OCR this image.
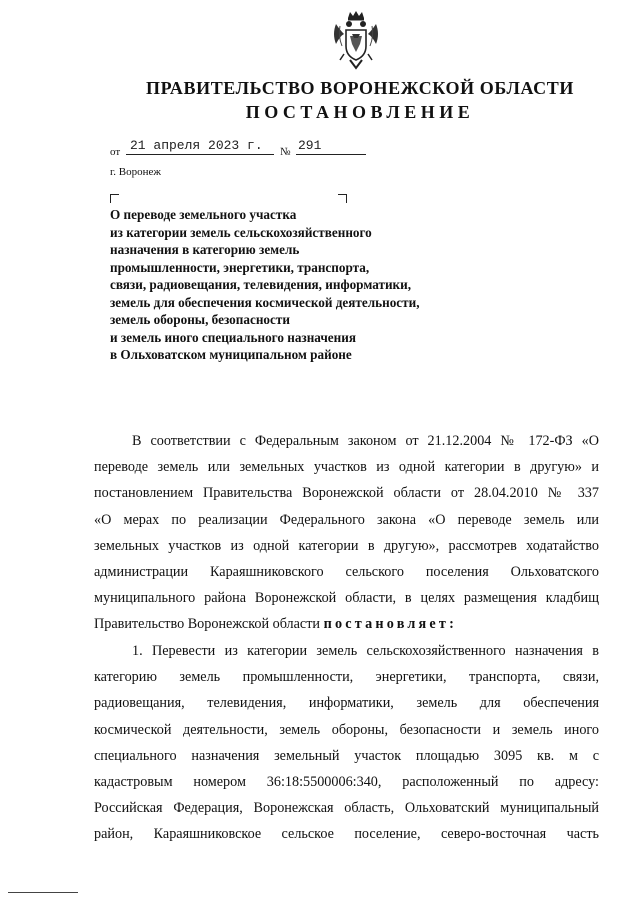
ПРАВИТЕЛЬСТВО ВОРОНЕЖСКОЙ ОБЛАСТИ
ПОСТАНОВЛЕНИЕ
от 21 апреля 2023 г. № 291
г. Воронеж
О переводе земельного участка
из категории земель сельскохозяйственного
назначения в категорию земель
промышленности, энергетики, транспорта,
связи, радиовещания, телевидения, информатики,
земель для обеспечения космической деятельности,
земель обороны, безопасности
и земель иного специального назначения
в Ольховатском муниципальном районе
В соответствии с Федеральным законом от 21.12.2004 № 172-ФЗ «О
переводе земель или земельных участков из одной категории в другую» и
постановлением Правительства Воронежской области от 28.04.2010 № 337
«О мерах по реализации Федерального закона «О переводе земель или
земельных участков из одной категории в другую», рассмотрев ходатайство
администрации Караяшниковского сельского поселения Ольховатского
муниципального района Воронежской области, в целях размещения кладбищ
Правительство Воронежской области постановляет:
1. Перевести из категории земель сельскохозяйственного назначения в
категорию земель промышленности, энергетики, транспорта, связи,
радиовещания, телевидения, информатики, земель для обеспечения
космической деятельности, земель обороны, безопасности и земель иного
специального назначения земельный участок площадью 3095 кв. м с
кадастровым номером 36:18:5500006:340, расположенный по адресу:
Российская Федерация, Воронежская область, Ольховатский муниципальный
район, Караяшниковское сельское поселение, северо-восточная часть
